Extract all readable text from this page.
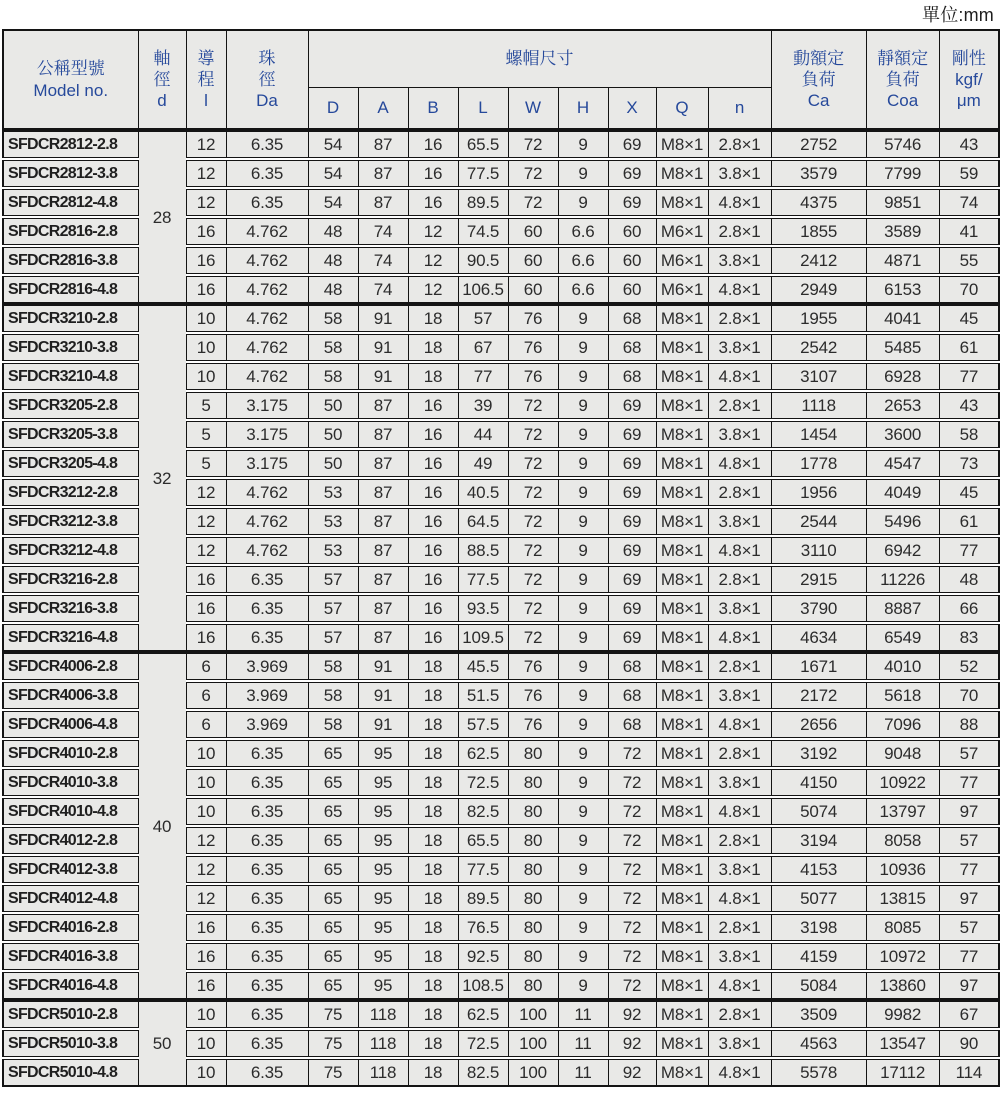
單位:mm
公稱型號
Model no.	軸
徑
d	導
程
l	珠
徑
Da	螺帽尺寸									動額定
負荷
Ca	靜額定
負荷
Coa	剛性
kgf/
μm
				D	A	B	L	W	H	X	Q	n			
SFDCR2812-2.8	28	12	6.35	54	87	16	65.5	72	9	69	M8×1	2.8×1	2752	5746	43
SFDCR2812-3.8		12	6.35	54	87	16	77.5	72	9	69	M8×1	3.8×1	3579	7799	59
SFDCR2812-4.8		12	6.35	54	87	16	89.5	72	9	69	M8×1	4.8×1	4375	9851	74
SFDCR2816-2.8		16	4.762	48	74	12	74.5	60	6.6	60	M6×1	2.8×1	1855	3589	41
SFDCR2816-3.8		16	4.762	48	74	12	90.5	60	6.6	60	M6×1	3.8×1	2412	4871	55
SFDCR2816-4.8		16	4.762	48	74	12	106.5	60	6.6	60	M6×1	4.8×1	2949	6153	70
SFDCR3210-2.8	32	10	4.762	58	91	18	57	76	9	68	M8×1	2.8×1	1955	4041	45
SFDCR3210-3.8		10	4.762	58	91	18	67	76	9	68	M8×1	3.8×1	2542	5485	61
SFDCR3210-4.8		10	4.762	58	91	18	77	76	9	68	M8×1	4.8×1	3107	6928	77
SFDCR3205-2.8		5	3.175	50	87	16	39	72	9	69	M8×1	2.8×1	1118	2653	43
SFDCR3205-3.8		5	3.175	50	87	16	44	72	9	69	M8×1	3.8×1	1454	3600	58
SFDCR3205-4.8		5	3.175	50	87	16	49	72	9	69	M8×1	4.8×1	1778	4547	73
SFDCR3212-2.8		12	4.762	53	87	16	40.5	72	9	69	M8×1	2.8×1	1956	4049	45
SFDCR3212-3.8		12	4.762	53	87	16	64.5	72	9	69	M8×1	3.8×1	2544	5496	61
SFDCR3212-4.8		12	4.762	53	87	16	88.5	72	9	69	M8×1	4.8×1	3110	6942	77
SFDCR3216-2.8		16	6.35	57	87	16	77.5	72	9	69	M8×1	2.8×1	2915	11226	48
SFDCR3216-3.8		16	6.35	57	87	16	93.5	72	9	69	M8×1	3.8×1	3790	8887	66
SFDCR3216-4.8		16	6.35	57	87	16	109.5	72	9	69	M8×1	4.8×1	4634	6549	83
SFDCR4006-2.8	40	6	3.969	58	91	18	45.5	76	9	68	M8×1	2.8×1	1671	4010	52
SFDCR4006-3.8		6	3.969	58	91	18	51.5	76	9	68	M8×1	3.8×1	2172	5618	70
SFDCR4006-4.8		6	3.969	58	91	18	57.5	76	9	68	M8×1	4.8×1	2656	7096	88
SFDCR4010-2.8		10	6.35	65	95	18	62.5	80	9	72	M8×1	2.8×1	3192	9048	57
SFDCR4010-3.8		10	6.35	65	95	18	72.5	80	9	72	M8×1	3.8×1	4150	10922	77
SFDCR4010-4.8		10	6.35	65	95	18	82.5	80	9	72	M8×1	4.8×1	5074	13797	97
SFDCR4012-2.8		12	6.35	65	95	18	65.5	80	9	72	M8×1	2.8×1	3194	8058	57
SFDCR4012-3.8		12	6.35	65	95	18	77.5	80	9	72	M8×1	3.8×1	4153	10936	77
SFDCR4012-4.8		12	6.35	65	95	18	89.5	80	9	72	M8×1	4.8×1	5077	13815	97
SFDCR4016-2.8		16	6.35	65	95	18	76.5	80	9	72	M8×1	2.8×1	3198	8085	57
SFDCR4016-3.8		16	6.35	65	95	18	92.5	80	9	72	M8×1	3.8×1	4159	10972	77
SFDCR4016-4.8		16	6.35	65	95	18	108.5	80	9	72	M8×1	4.8×1	5084	13860	97
SFDCR5010-2.8	50	10	6.35	75	118	18	62.5	100	11	92	M8×1	2.8×1	3509	9982	67
SFDCR5010-3.8		10	6.35	75	118	18	72.5	100	11	92	M8×1	3.8×1	4563	13547	90
SFDCR5010-4.8		10	6.35	75	118	18	82.5	100	11	92	M8×1	4.8×1	5578	17112	114
